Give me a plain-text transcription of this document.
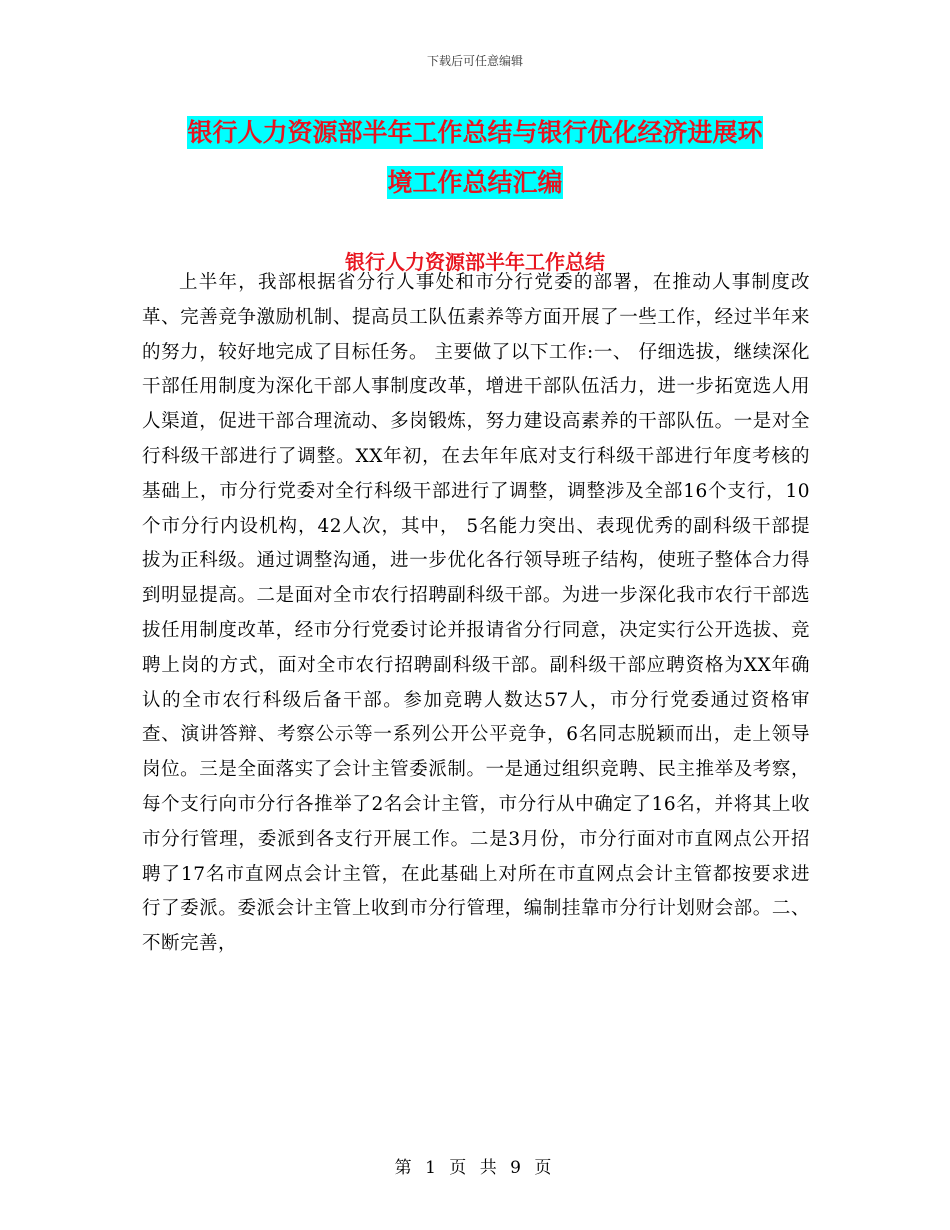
下载后可任意编辑
银行人力资源部半年工作总结与银行优化经济进展环
境工作总结汇编
银行人力资源部半年工作总结

上半年，我部根据省分行人事处和市分行党委的部署，在推动人事制度改革、完善竞争激励机制、提高员工队伍素养等方面开展了一些工作，经过半年来的努力，较好地完成了目标任务。 主要做了以下工作:一、 仔细选拔，继续深化干部任用制度为深化干部人事制度改革，增进干部队伍活力，进一步拓宽选人用人渠道，促进干部合理流动、多岗锻炼，努力建设高素养的干部队伍。一是对全行科级干部进行了调整。XX年初，在去年年底对支行科级干部进行年度考核的基础上，市分行党委对全行科级干部进行了调整，调整涉及全部16个支行，10个市分行内设机构，42人次，其中， 5名能力突出、表现优秀的副科级干部提拔为正科级。通过调整沟通，进一步优化各行领导班子结构，使班子整体合力得到明显提高。二是面对全市农行招聘副科级干部。为进一步深化我市农行干部选拔任用制度改革，经市分行党委讨论并报请省分行同意，决定实行公开选拔、竞聘上岗的方式，面对全市农行招聘副科级干部。副科级干部应聘资格为XX年确认的全市农行科级后备干部。参加竞聘人数达57人，市分行党委通过资格审查、演讲答辩、考察公示等一系列公开公平竞争，6名同志脱颖而出，走上领导岗位。三是全面落实了会计主管委派制。一是通过组织竞聘、民主推举及考察，每个支行向市分行各推举了2名会计主管，市分行从中确定了16名，并将其上收市分行管理，委派到各支行开展工作。二是3月份，市分行面对市直网点公开招聘了17名市直网点会计主管，在此基础上对所在市直网点会计主管都按要求进行了委派。委派会计主管上收到市分行管理，编制挂靠市分行计划财会部。二、不断完善，

第 1 页 共 9 页
